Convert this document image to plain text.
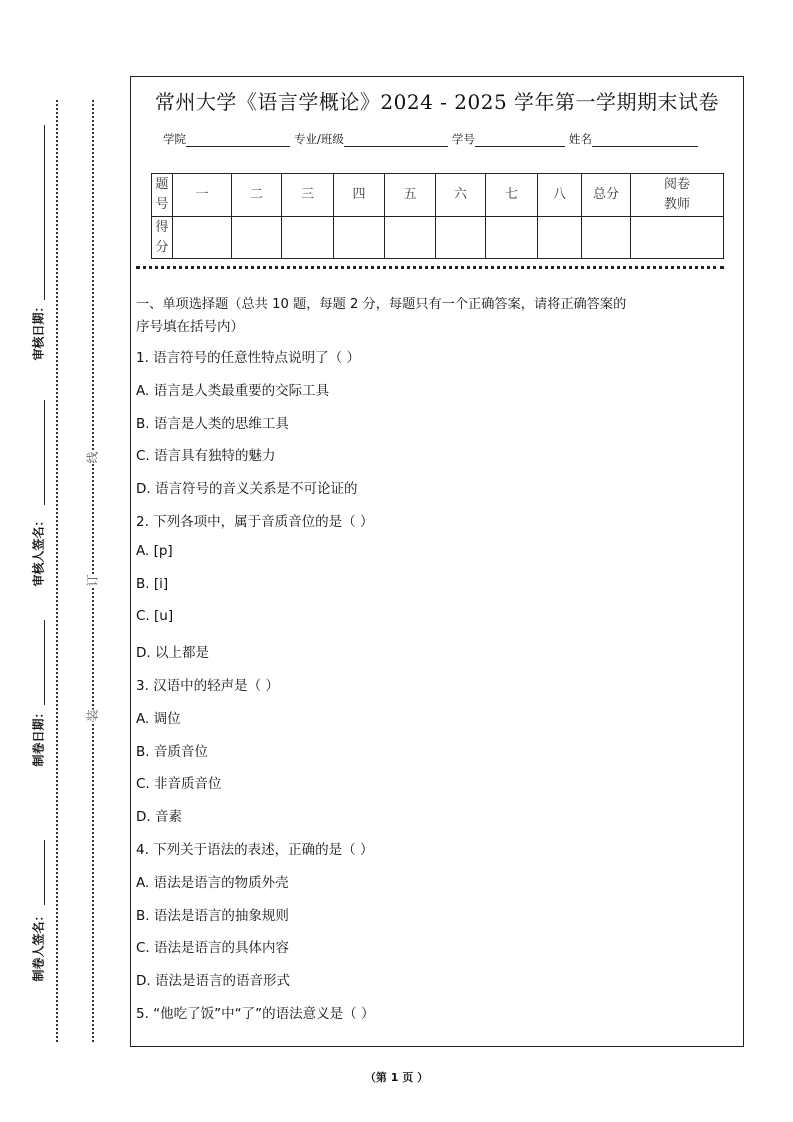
审核日期：
审核人签名：
制卷日期：
制卷人签名：
线
订
装
常州大学《语言学概论》2024 - 2025 学年第一学期期末试卷
学院	专业/班级	学号	姓名
题号	一	二	三	四	五	六	七	八	总分	阅卷教师
得分										
一、单项选择题（总共 10 题，每题 2 分，每题只有一个正确答案，请将正确答案的
序号填在括号内）
1. 语言符号的任意性特点说明了（ ）
A. 语言是人类最重要的交际工具
B. 语言是人类的思维工具
C. 语言具有独特的魅力
D. 语言符号的音义关系是不可论证的
2. 下列各项中，属于音质音位的是（ ）
A. [p]
B. [i]
C. [u]
D. 以上都是
3. 汉语中的轻声是（ ）
A. 调位
B. 音质音位
C. 非音质音位
D. 音素
4. 下列关于语法的表述，正确的是（ ）
A. 语法是语言的物质外壳
B. 语法是语言的抽象规则
C. 语法是语言的具体内容
D. 语法是语言的语音形式
5. “他吃了饭”中“了”的语法意义是（ ）
（第 1 页 ）
